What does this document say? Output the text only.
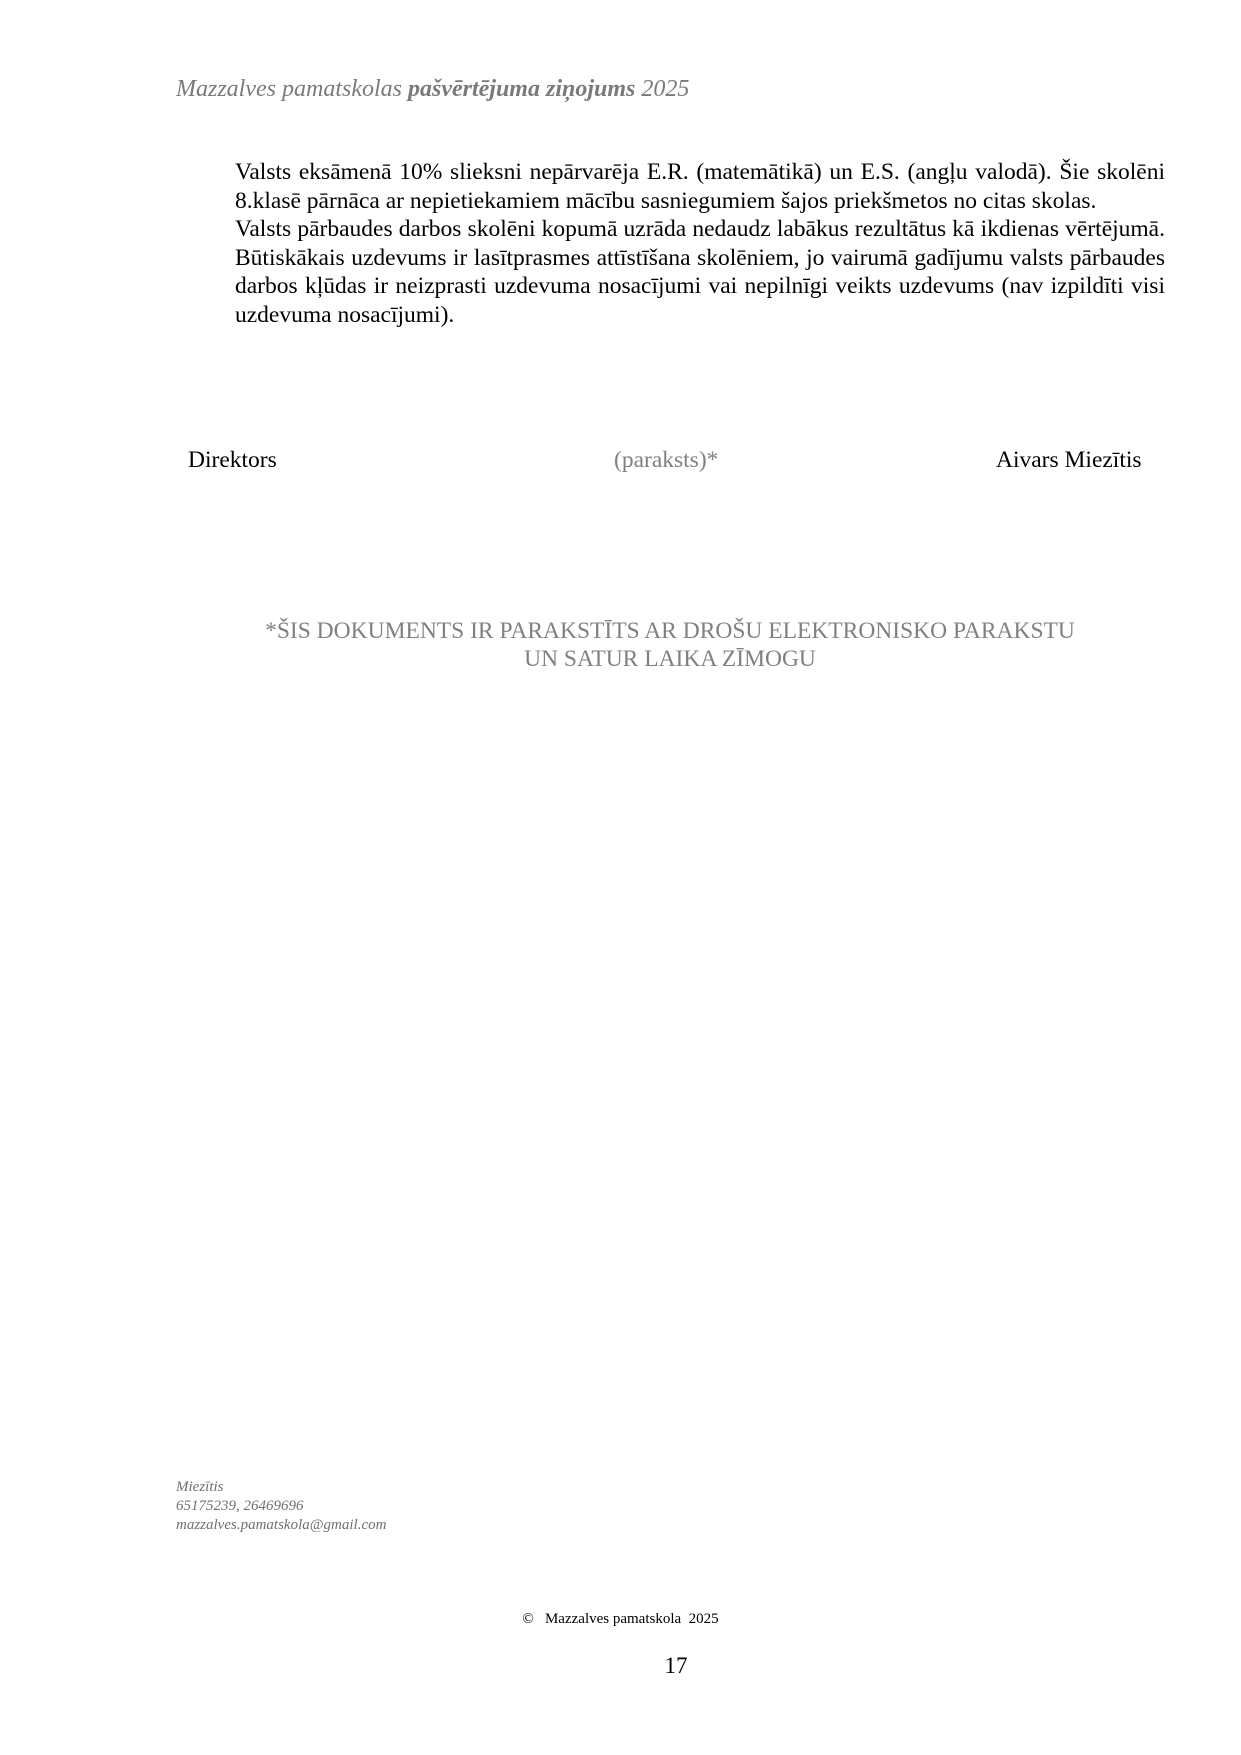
Mazzalves pamatskolas pašvērtējuma ziņojums 2025

Valsts eksāmenā 10% slieksni nepārvarēja E.R. (matemātikā) un E.S. (angļu valodā). Šie skolēni 8.klasē pārnāca ar nepietiekamiem mācību sasniegumiem šajos priekšmetos no citas skolas.

Valsts pārbaudes darbos skolēni kopumā uzrāda nedaudz labākus rezultātus kā ikdienas vērtējumā. Būtiskākais uzdevums ir lasītprasmes attīstīšana skolēniem, jo vairumā gadījumu valsts pārbaudes darbos kļūdas ir neizprasti uzdevuma nosacījumi vai nepilnīgi veikts uzdevums (nav izpildīti visi uzdevuma nosacījumi).

Direktors	(paraksts)*	Aivars Miezītis
*ŠIS DOKUMENTS IR PARAKSTĪTS AR DROŠU ELEKTRONISKO PARAKSTU
UN SATUR LAIKA ZĪMOGU
Miezītis
65175239, 26469696
mazzalves.pamatskola@gmail.com
©   Mazzalves pamatskola  2025
17
